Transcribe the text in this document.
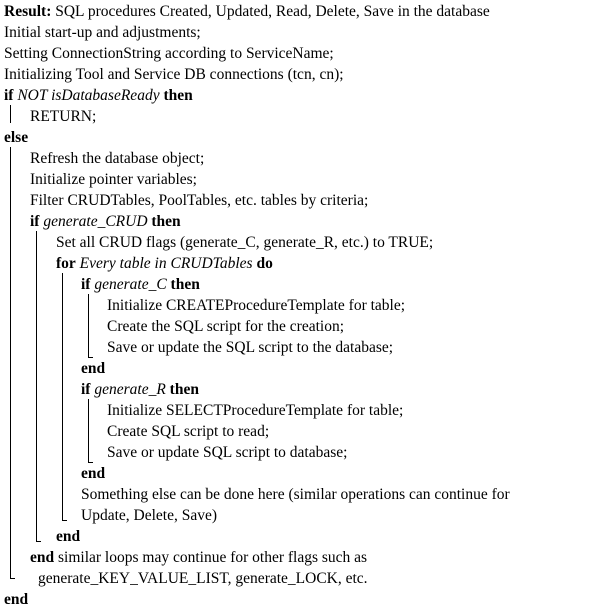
Result: SQL procedures Created, Updated, Read, Delete, Save in the database
Initial start-up and adjustments;
Setting ConnectionString according to ServiceName;
Initializing Tool and Service DB connections (tcn, cn);
if NOT isDatabaseReady then
RETURN;
else
Refresh the database object;
Initialize pointer variables;
Filter CRUDTables, PoolTables, etc. tables by criteria;
if generate_CRUD then
Set all CRUD flags (generate_C, generate_R, etc.) to TRUE;
for Every table in CRUDTables do
if generate_C then
Initialize CREATEProcedureTemplate for table;
Create the SQL script for the creation;
Save or update the SQL script to the database;
end
if generate_R then
Initialize SELECTProcedureTemplate for table;
Create SQL script to read;
Save or update SQL script to database;
end
Something else can be done here (similar operations can continue for
Update, Delete, Save)
end
end similar loops may continue for other flags such as
generate_KEY_VALUE_LIST, generate_LOCK, etc.
end
